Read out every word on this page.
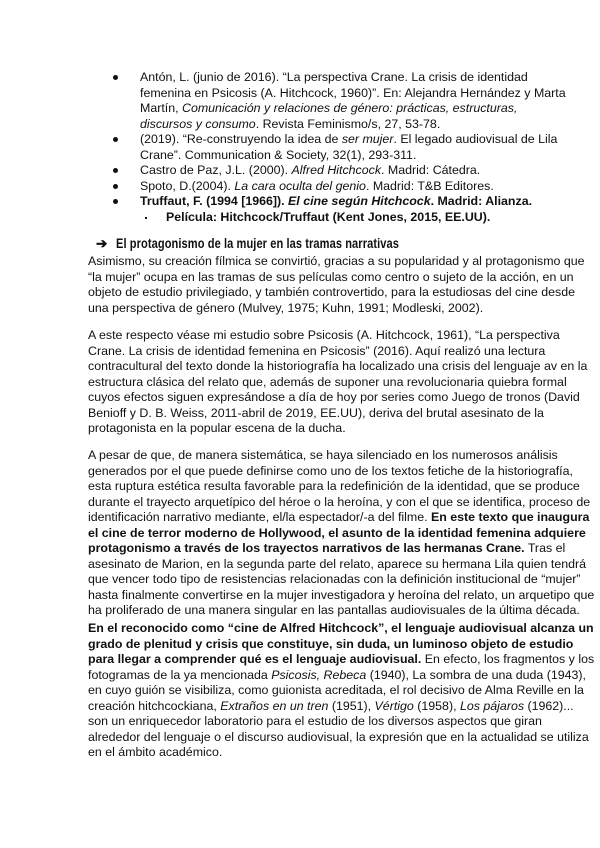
Antón, L. (junio de 2016). “La perspectiva Crane. La crisis de identidad
femenina en Psicosis (A. Hitchcock, 1960)”. En: Alejandra Hernández y Marta
Martín, Comunicación y relaciones de género: prácticas, estructuras,
discursos y consumo. Revista Feminismo/s, 27, 53-78.
(2019). “Re-construyendo la idea de ser mujer. El legado audiovisual de Lila
Crane”. Communication & Society, 32(1), 293-311.
Castro de Paz, J.L. (2000). Alfred Hitchcock. Madrid: Cátedra.
Spoto, D.(2004). La cara oculta del genio. Madrid: T&B Editores.
Truffaut, F. (1994 [1966]). El cine según Hitchcock. Madrid: Alianza.
Película: Hitchcock/Truffaut (Kent Jones, 2015, EE.UU).
➔ El protagonismo de la mujer en las tramas narrativas
Asimismo, su creación fílmica se convirtió, gracias a su popularidad y al protagonismo que
“la mujer” ocupa en las tramas de sus películas como centro o sujeto de la acción, en un
objeto de estudio privilegiado, y también controvertido, para la estudiosas del cine desde
una perspectiva de género (Mulvey, 1975; Kuhn, 1991; Modleski, 2002).
A este respecto véase mi estudio sobre Psicosis (A. Hitchcock, 1961), “La perspectiva
Crane. La crisis de identidad femenina en Psicosis” (2016). Aquí realizó una lectura
contracultural del texto donde la historiografía ha localizado una crisis del lenguaje av en la
estructura clásica del relato que, además de suponer una revolucionaria quiebra formal
cuyos efectos siguen expresándose a día de hoy por series como Juego de tronos (David
Benioff y D. B. Weiss, 2011-abril de 2019, EE.UU), deriva del brutal asesinato de la
protagonista en la popular escena de la ducha.
A pesar de que, de manera sistemática, se haya silenciado en los numerosos análisis
generados por el que puede definirse como uno de los textos fetiche de la historiografía,
esta ruptura estética resulta favorable para la redefinición de la identidad, que se produce
durante el trayecto arquetípico del héroe o la heroína, y con el que se identifica, proceso de
identificación narrativo mediante, el/la espectador/-a del filme. En este texto que inaugura
el cine de terror moderno de Hollywood, el asunto de la identidad femenina adquiere
protagonismo a través de los trayectos narrativos de las hermanas Crane. Tras el
asesinato de Marion, en la segunda parte del relato, aparece su hermana Lila quien tendrá
que vencer todo tipo de resistencias relacionadas con la definición institucional de “mujer”
hasta finalmente convertirse en la mujer investigadora y heroína del relato, un arquetipo que
ha proliferado de una manera singular en las pantallas audiovisuales de la última década.
En el reconocido como “cine de Alfred Hitchcock”, el lenguaje audiovisual alcanza un
grado de plenitud y crisis que constituye, sin duda, un luminoso objeto de estudio
para llegar a comprender qué es el lenguaje audiovisual. En efecto, los fragmentos y los
fotogramas de la ya mencionada Psicosis, Rebeca (1940), La sombra de una duda (1943),
en cuyo guión se visibiliza, como guionista acreditada, el rol decisivo de Alma Reville en la
creación hitchcockiana, Extraños en un tren (1951), Vértigo (1958), Los pájaros (1962)...
son un enriquecedor laboratorio para el estudio de los diversos aspectos que giran
alrededor del lenguaje o el discurso audiovisual, la expresión que en la actualidad se utiliza
en el ámbito académico.
